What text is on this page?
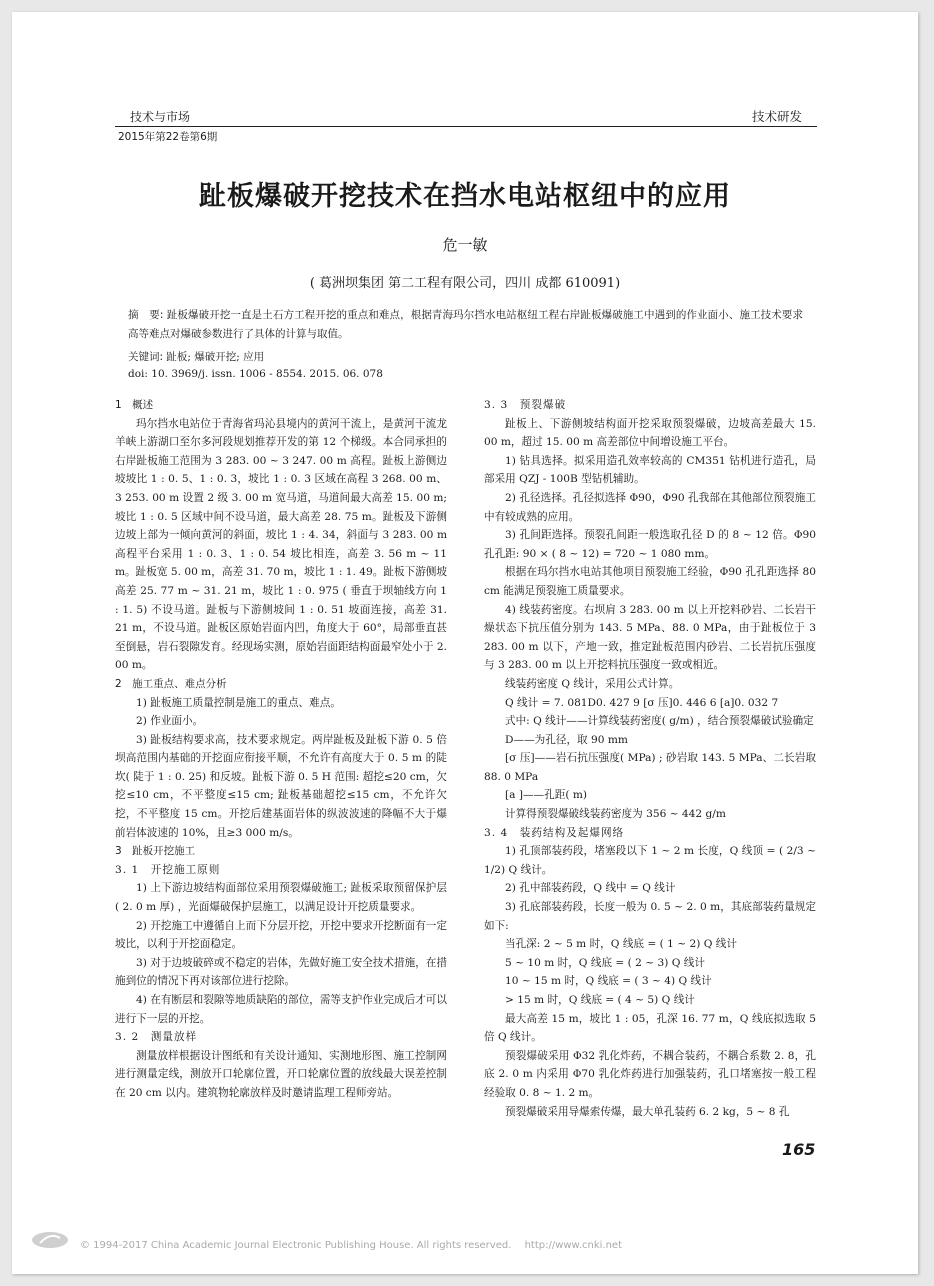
技术与市场	技术研发
2015年第22卷第6期
趾板爆破开挖技术在挡水电站枢纽中的应用
危一敏
( 葛洲坝集团 第二工程有限公司，四川 成都 610091)
摘　要: 趾板爆破开挖一直是土石方工程开挖的重点和难点，根据青海玛尔挡水电站枢纽工程右岸趾板爆破施工中遇到的作业面小、施工技术要求高等难点对爆破参数进行了具体的计算与取值。
关键词: 趾板; 爆破开挖; 应用
doi: 10. 3969/j. issn. 1006 - 8554. 2015. 06. 078

1　概述

玛尔挡水电站位于青海省玛沁县境内的黄河干流上，是黄河干流龙羊峡上游湖口至尔多河段规划推荐开发的第 12 个梯级。本合同承担的右岸趾板施工范围为 3 283. 00 ~ 3 247. 00 m 高程。趾板上游侧边坡坡比 1 : 0. 5、1 : 0. 3，坡比 1 : 0. 3 区域在高程 3 268. 00 m、3 253. 00 m 设置 2 级 3. 00 m 宽马道，马道间最大高差 15. 00 m; 坡比 1 : 0. 5 区域中间不设马道，最大高差 28. 75 m。趾板及下游侧边坡上部为一倾向黄河的斜面，坡比 1 : 4. 34，斜面与 3 283. 00 m 高程平台采用 1 : 0. 3、1 : 0. 54 坡比相连，高差 3. 56 m ~ 11 m。趾板宽 5. 00 m，高差 31. 70 m，坡比 1 : 1. 49。趾板下游侧坡高差 25. 77 m ~ 31. 21 m，坡比 1 : 0. 975 ( 垂直于坝轴线方向 1 : 1. 5) 不设马道。趾板与下游侧坡间 1 : 0. 51 坡面连接，高差 31. 21 m，不设马道。趾板区原始岩面内凹，角度大于 60°，局部垂直甚至倒悬，岩石裂隙发育。经现场实测，原始岩面距结构面最窄处小于 2. 00 m。

2　施工重点、难点分析

1) 趾板施工质量控制是施工的重点、难点。

2) 作业面小。

3) 趾板结构要求高，技术要求规定。两岸趾板及趾板下游 0. 5 倍坝高范围内基础的开挖面应衔接平顺，不允许有高度大于 0. 5 m 的陡坎( 陡于 1 : 0. 25) 和反坡。趾板下游 0. 5 H 范围: 超挖≤20 cm，欠挖≤10 cm，不平整度≤15 cm; 趾板基础超挖≤15 cm，不允许欠挖，不平整度 15 cm。开挖后建基面岩体的纵波波速的降幅不大于爆前岩体波速的 10%，且≥3 000 m/s。

3　趾板开挖施工

3. 1　开挖施工原则

1) 上下游边坡结构面部位采用预裂爆破施工; 趾板采取预留保护层( 2. 0 m 厚) ，光面爆破保护层施工，以满足设计开挖质量要求。

2) 开挖施工中遵循自上而下分层开挖，开挖中要求开挖断面有一定坡比，以利于开挖面稳定。

3) 对于边坡破碎或不稳定的岩体，先做好施工安全技术措施，在措施到位的情况下再对该部位进行挖除。

4) 在有断层和裂隙等地质缺陷的部位，需等支护作业完成后才可以进行下一层的开挖。

3. 2　测量放样

测量放样根据设计图纸和有关设计通知、实测地形图、施工控制网进行测量定线，测放开口轮廓位置，开口轮廓位置的放线最大误差控制在 20 cm 以内。建筑物轮廓放样及时邀请监理工程师旁站。

3. 3　预裂爆破

趾板上、下游侧坡结构面开挖采取预裂爆破，边坡高差最大 15. 00 m，超过 15. 00 m 高差部位中间增设施工平台。

1) 钻具选择。拟采用造孔效率较高的 CM351 钻机进行造孔，局部采用 QZJ - 100B 型钻机辅助。

2) 孔径选择。孔径拟选择 Φ90，Φ90 孔我部在其他部位预裂施工中有较成熟的应用。

3) 孔间距选择。预裂孔间距一般选取孔径 D 的 8 ~ 12 倍。Φ90 孔孔距: 90 × ( 8 ~ 12) = 720 ~ 1 080 mm。

根据在玛尔挡水电站其他项目预裂施工经验，Φ90 孔孔距选择 80 cm 能满足预裂施工质量要求。

4) 线装药密度。右坝肩 3 283. 00 m 以上开挖料砂岩、二长岩干燥状态下抗压值分别为 143. 5 MPa、88. 0 MPa，由于趾板位于 3 283. 00 m 以下，产地一致，推定趾板范围内砂岩、二长岩抗压强度与 3 283. 00 m 以上开挖料抗压强度一致或相近。

线装药密度 Q 线计，采用公式计算。

Q 线计 = 7. 081D0. 427 9 [σ 压]0. 446 6 [a]0. 032 7

式中: Q 线计——计算线装药密度( g/m) ，结合预裂爆破试验确定

D——为孔径，取 90 mm

[σ 压]——岩石抗压强度( MPa) ; 砂岩取 143. 5 MPa、二长岩取 88. 0 MPa

[a ]——孔距( m)

计算得预裂爆破线装药密度为 356 ~ 442 g/m

3. 4　装药结构及起爆网络

1) 孔顶部装药段，堵塞段以下 1 ~ 2 m 长度，Q 线顶 = ( 2/3 ~ 1/2) Q 线计。

2) 孔中部装药段，Q 线中 = Q 线计

3) 孔底部装药段，长度一般为 0. 5 ~ 2. 0 m，其底部装药量规定如下:

当孔深: 2 ~ 5 m 时，Q 线底 = ( 1 ~ 2) Q 线计

5 ~ 10 m 时，Q 线底 = ( 2 ~ 3) Q 线计

10 ~ 15 m 时，Q 线底 = ( 3 ~ 4) Q 线计

> 15 m 时，Q 线底 = ( 4 ~ 5) Q 线计

最大高差 15 m，坡比 1 : 05，孔深 16. 77 m，Q 线底拟选取 5 倍 Q 线计。

预裂爆破采用 Φ32 乳化炸药，不耦合装药，不耦合系数 2. 8，孔底 2. 0 m 内采用 Φ70 乳化炸药进行加强装药，孔口堵塞按一般工程经验取 0. 8 ~ 1. 2 m。

预裂爆破采用导爆索传爆，最大单孔装药 6. 2 kg，5 ~ 8 孔

165
© 1994-2017 China Academic Journal Electronic Publishing House. All rights reserved.　 http://www.cnki.net
